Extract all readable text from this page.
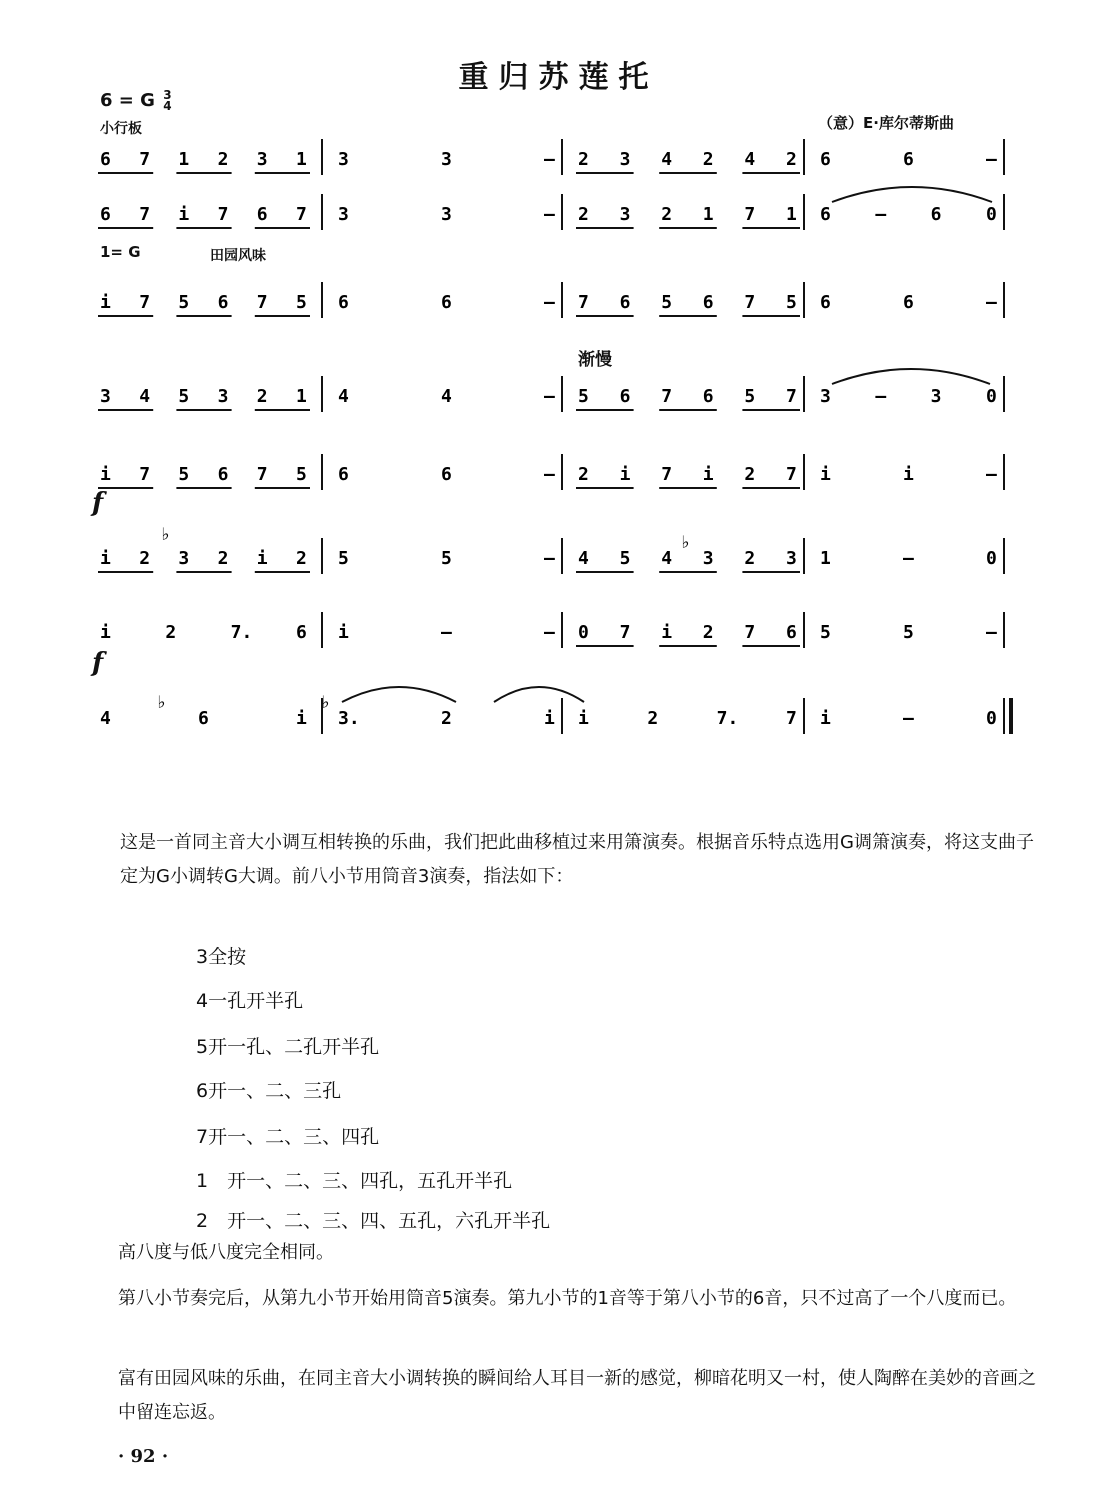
重归苏莲托
6 = G 3
4
小行板	（意）E·库尔蒂斯曲
1= G	田园风味
渐慢
f
f
6 7 1 2 3 1 3	3	— 2 3 4 2 4 2 6	6	—
6 7 i 7 6 7 3	3	— 2 3 2 1 7 1 6 — 6 0
i 7 5 6 7 5 6	6	— 7 6 5 6 7 5 6	6	—
3 4 5 3 2 1 4	4	— 5 6 7 6 5 7 3 — 3 0
i 7 5 6 7 5 6	6	— 2 i 7 i 2 7 i	i	—
i 2 3 2 i 2 5	5	— 4 5 4 3 2 3 1	—	0
i	2	7. 6 i	—	— 0 7 i 2 7 6 5	5	—
4	6	i 3.	2	i i	2	7.	7 i	—	0
♭	♭
♭	♭
这是一首同主音大小调互相转换的乐曲，我们把此曲移植过来用箫演奏。根据音乐特点选用G调箫演奏，将这支曲子定为G小调转G大调。前八小节用筒音3演奏，指法如下：
3全按
4一孔开半孔
5开一孔、二孔开半孔
6开一、二、三孔
7开一、二、三、四孔
1　开一、二、三、四孔，五孔开半孔
2　开一、二、三、四、五孔，六孔开半孔
高八度与低八度完全相同。
第八小节奏完后，从第九小节开始用筒音5演奏。第九小节的1音等于第八小节的6音，只不过高了一个八度而已。
富有田园风味的乐曲，在同主音大小调转换的瞬间给人耳目一新的感觉，柳暗花明又一村，使人陶醉在美妙的音画之中留连忘返。
· 92 ·
